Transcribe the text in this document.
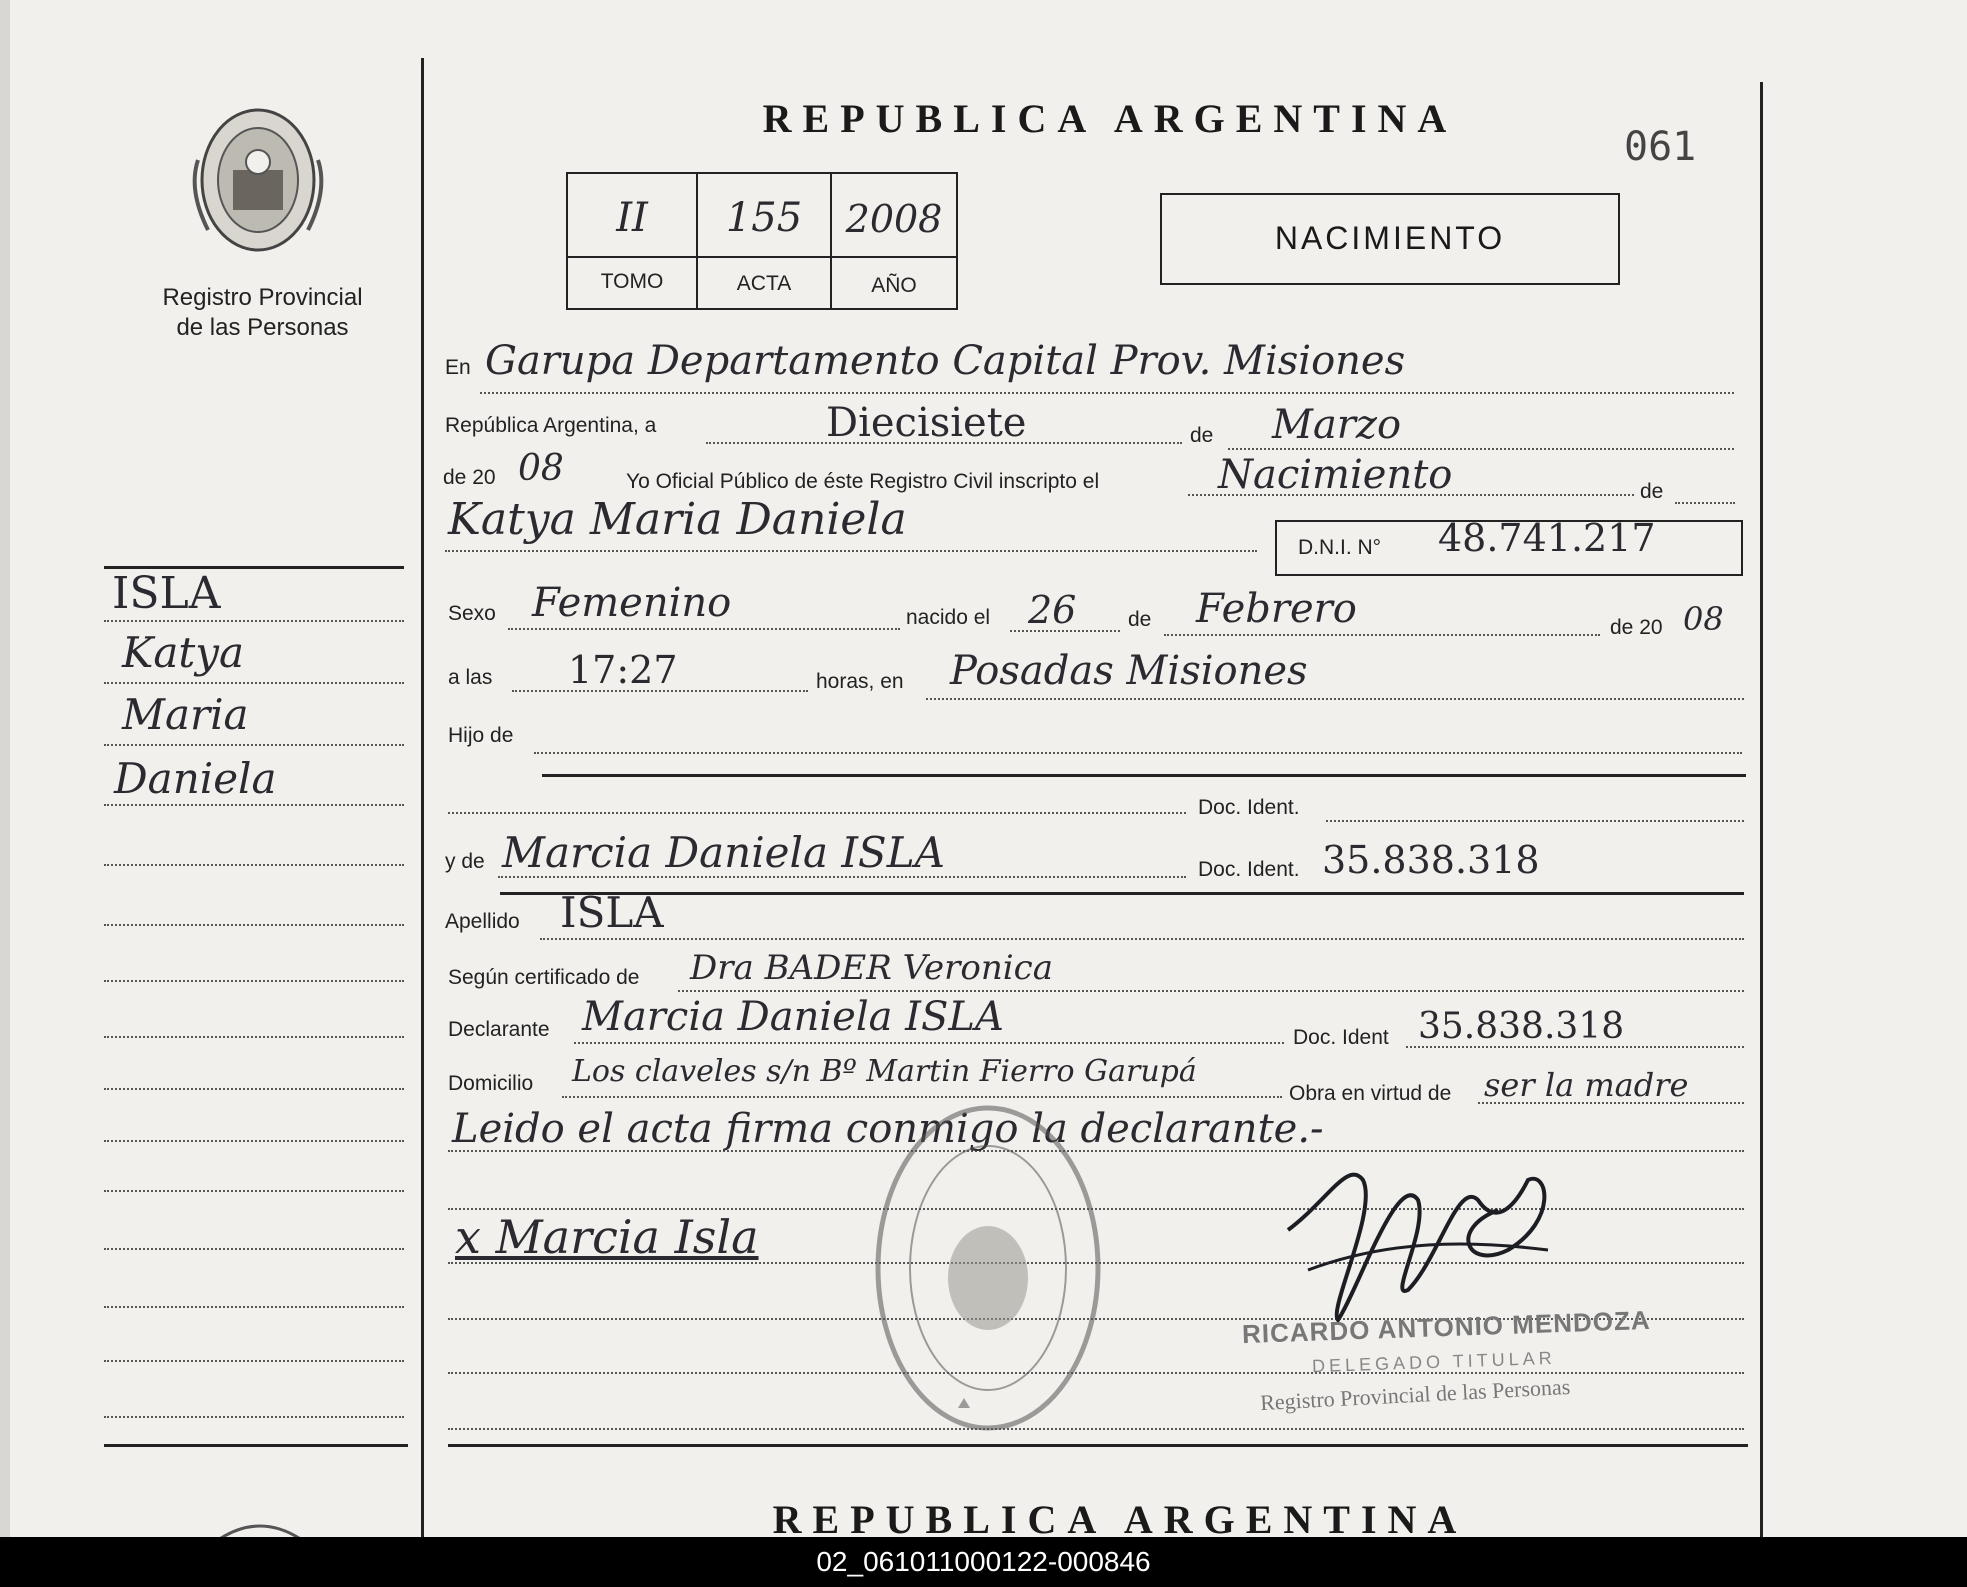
Registro Provincial
de las Personas
REPUBLICA ARGENTINA
061
II	155	2008
TOMO	ACTA	AÑO
NACIMIENTO
ISLA
Katya
Maria
Daniela
En Garupa Departamento Capital Prov. Misiones
República Argentina, a	Diecisiete	de Marzo
de 20 08	Yo Oficial Público de éste Registro Civil inscripto el	Nacimiento	de
Katya Maria Daniela
D.N.I. N° 48.741.217
Sexo Femenino	nacido el 26 de Febrero	de 20 08
a las 17:27	horas, en Posadas Misiones
Hijo de
Doc. Ident.
y de Marcia Daniela ISLA	Doc. Ident. 35.838.318
Apellido ISLA
Según certificado de Dra BADER Veronica
Declarante Marcia Daniela ISLA	Doc. Ident 35.838.318
Domicilio Los claveles s/n Bº Martin Fierro Garupá
Obra en virtud de ser la madre
Leido el acta firma conmigo la declarante.-
x Marcia Isla
RICARDO ANTONIO MENDOZA
DELEGADO TITULAR
Registro Provincial de las Personas
REPUBLICA ARGENTINA
02_061011000122-000846
